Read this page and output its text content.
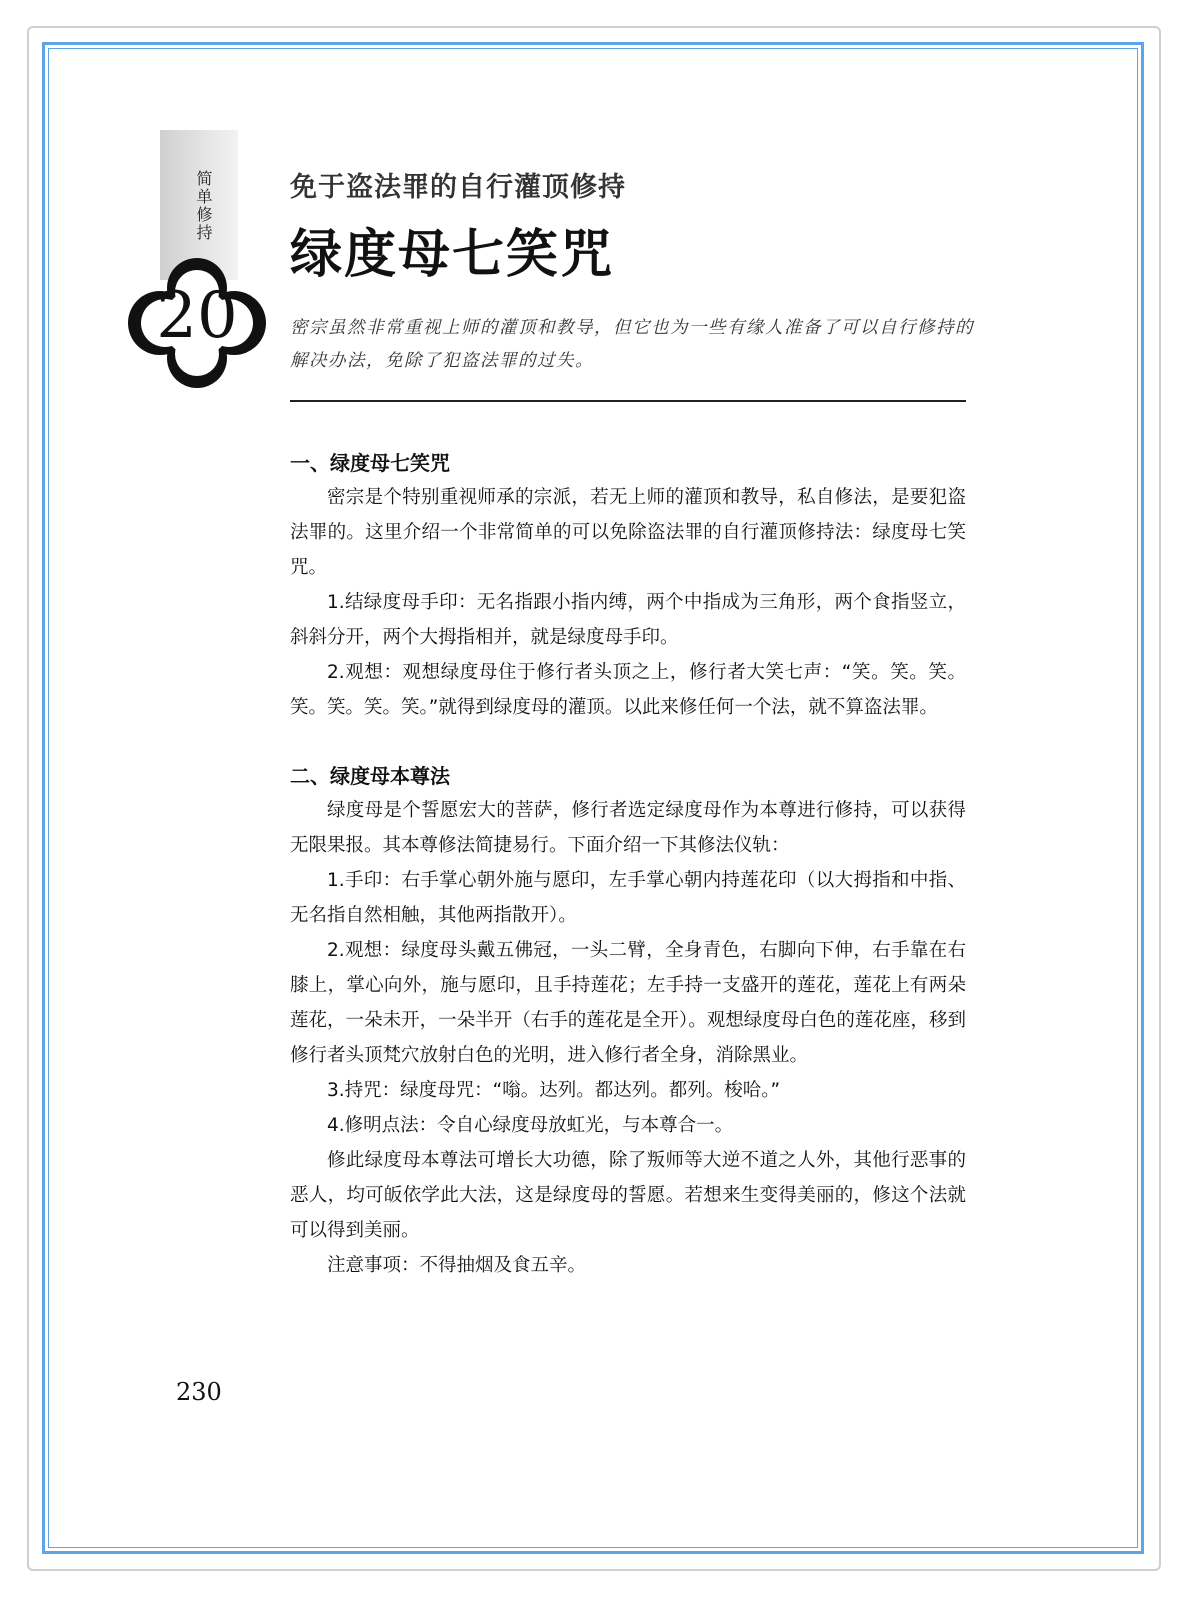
简单修持
20
免于盗法罪的自行灌顶修持
绿度母七笑咒
密宗虽然非常重视上师的灌顶和教导，但它也为一些有缘人准备了可以自行修持的解决办法，免除了犯盗法罪的过失。

一、绿度母七笑咒

密宗是个特别重视师承的宗派，若无上师的灌顶和教导，私自修法，是要犯盗法罪的。这里介绍一个非常简单的可以免除盗法罪的自行灌顶修持法：绿度母七笑咒。

1.结绿度母手印：无名指跟小指内缚，两个中指成为三角形，两个食指竖立，斜斜分开，两个大拇指相并，就是绿度母手印。

2.观想：观想绿度母住于修行者头顶之上，修行者大笑七声：“笑。笑。笑。笑。笑。笑。笑。”就得到绿度母的灌顶。以此来修任何一个法，就不算盗法罪。

二、绿度母本尊法

绿度母是个誓愿宏大的菩萨，修行者选定绿度母作为本尊进行修持，可以获得无限果报。其本尊修法简捷易行。下面介绍一下其修法仪轨：

1.手印：右手掌心朝外施与愿印，左手掌心朝内持莲花印（以大拇指和中指、无名指自然相触，其他两指散开）。

2.观想：绿度母头戴五佛冠，一头二臂，全身青色，右脚向下伸，右手靠在右膝上，掌心向外，施与愿印，且手持莲花；左手持一支盛开的莲花，莲花上有两朵莲花，一朵未开，一朵半开（右手的莲花是全开）。观想绿度母白色的莲花座，移到修行者头顶梵穴放射白色的光明，进入修行者全身，消除黑业。

3.持咒：绿度母咒：“嗡。达列。都达列。都列。梭哈。”

4.修明点法：令自心绿度母放虹光，与本尊合一。

修此绿度母本尊法可增长大功德，除了叛师等大逆不道之人外，其他行恶事的恶人，均可皈依学此大法，这是绿度母的誓愿。若想来生变得美丽的，修这个法就可以得到美丽。

注意事项：不得抽烟及食五辛。

230
